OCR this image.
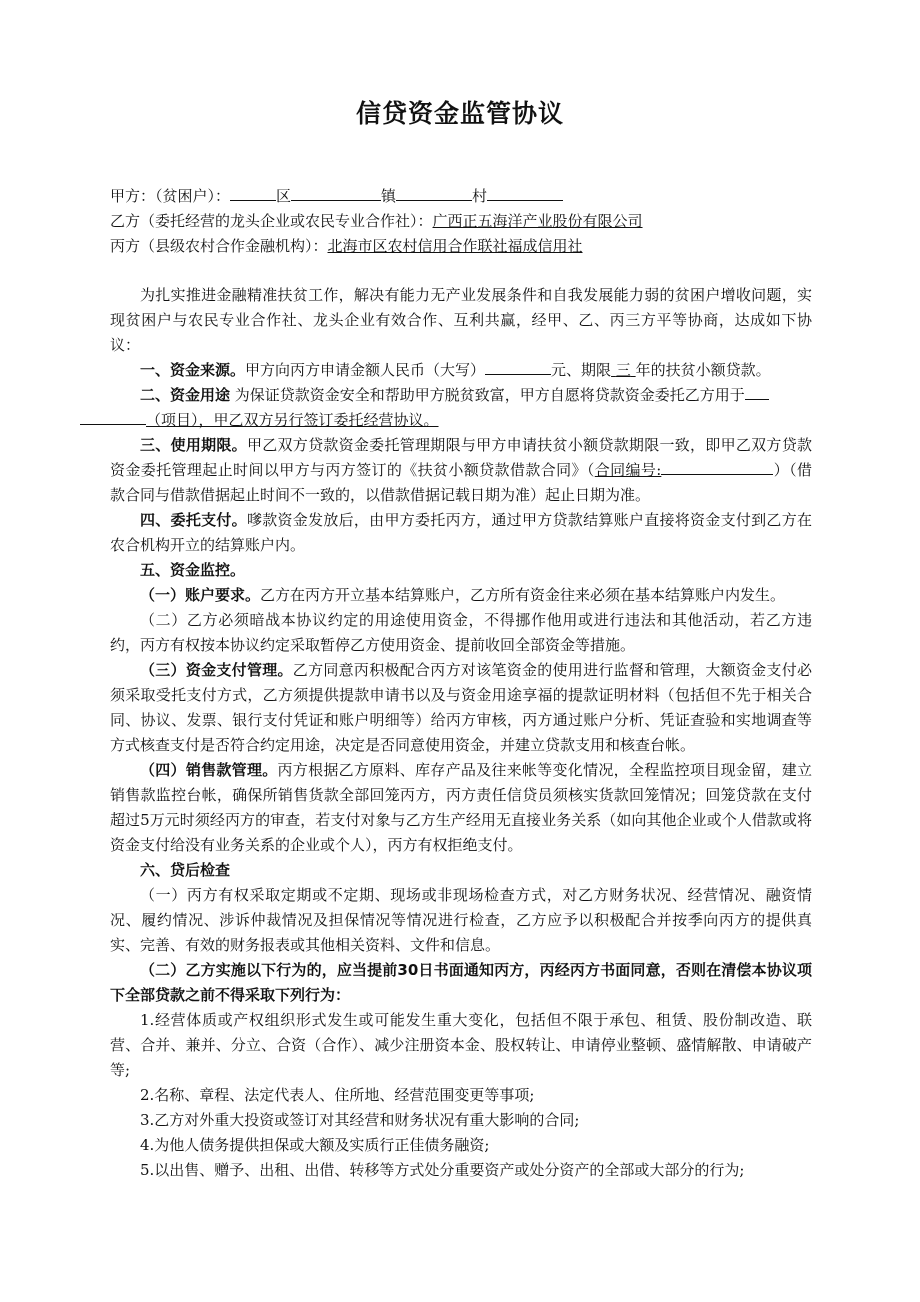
信贷资金监管协议
甲方：（贫困户）：	区	镇	村
乙方（委托经营的龙头企业或农民专业合作社）：广西正五海洋产业股份有限公司
丙方（县级农村合作金融机构）：北海市区农村信用合作联社福成信用社

为扎实推进金融精准扶贫工作，解决有能力无产业发展条件和自我发展能力弱的贫困户增收问题，实现贫困户与农民专业合作社、龙头企业有效合作、互利共赢，经甲、乙、丙三方平等协商，达成如下协议：

一、资金来源。甲方向丙方申请金额人民币（大写）	元、期限 三 年的扶贫小额贷款。

二、资金用途 为保证贷款资金安全和帮助甲方脱贫致富，甲方自愿将贷款资金委托乙方用于
（项目），甲乙双方另行签订委托经营协议。

三、使用期限。甲乙双方贷款资金委托管理期限与甲方申请扶贫小额贷款期限一致，即甲乙双方贷款资金委托管理起止时间以甲方与丙方签订的《扶贫小额贷款借款合同》（合同编号:	）（借款合同与借款借据起止时间不一致的，以借款借据记载日期为准）起止日期为准。

四、委托支付。嗲款资金发放后，由甲方委托丙方，通过甲方贷款结算账户直接将资金支付到乙方在农合机构开立的结算账户内。

五、资金监控。

（一）账户要求。乙方在丙方开立基本结算账户，乙方所有资金往来必须在基本结算账户内发生。

（二）乙方必须暗战本协议约定的用途使用资金，不得挪作他用或进行违法和其他活动，若乙方违约，丙方有权按本协议约定采取暂停乙方使用资金、提前收回全部资金等措施。

（三）资金支付管理。乙方同意丙积极配合丙方对该笔资金的使用进行监督和管理，大额资金支付必须采取受托支付方式，乙方须提供提款申请书以及与资金用途享福的提款证明材料（包括但不先于相关合同、协议、发票、银行支付凭证和账户明细等）给丙方审核，丙方通过账户分析、凭证查验和实地调查等方式核查支付是否符合约定用途，决定是否同意使用资金，并建立贷款支用和核查台帐。

（四）销售款管理。丙方根据乙方原料、库存产品及往来帐等变化情况，全程监控项目现金留，建立销售款监控台帐，确保所销售货款全部回笼丙方，丙方责任信贷员须核实货款回笼情况；回笼贷款在支付超过5万元时须经丙方的审查，若支付对象与乙方生产经用无直接业务关系（如向其他企业或个人借款或将资金支付给没有业务关系的企业或个人），丙方有权拒绝支付。

六、贷后检查

（一）丙方有权采取定期或不定期、现场或非现场检查方式，对乙方财务状况、经营情况、融资情况、履约情况、涉诉仲裁情况及担保情况等情况进行检查，乙方应予以积极配合并按季向丙方的提供真实、完善、有效的财务报表或其他相关资料、文件和信息。

（二）乙方实施以下行为的，应当提前30日书面通知丙方，丙经丙方书面同意，否则在清偿本协议项下全部贷款之前不得采取下列行为：

1.经营体质或产权组织形式发生或可能发生重大变化，包括但不限于承包、租赁、股份制改造、联营、合并、兼并、分立、合资（合作）、减少注册资本金、股权转让、申请停业整顿、盛情解散、申请破产等;

2.名称、章程、法定代表人、住所地、经营范围变更等事项;

3.乙方对外重大投资或签订对其经营和财务状况有重大影响的合同;

4.为他人债务提供担保或大额及实质行正佳债务融资;

5.以出售、赠予、出租、出借、转移等方式处分重要资产或处分资产的全部或大部分的行为;
